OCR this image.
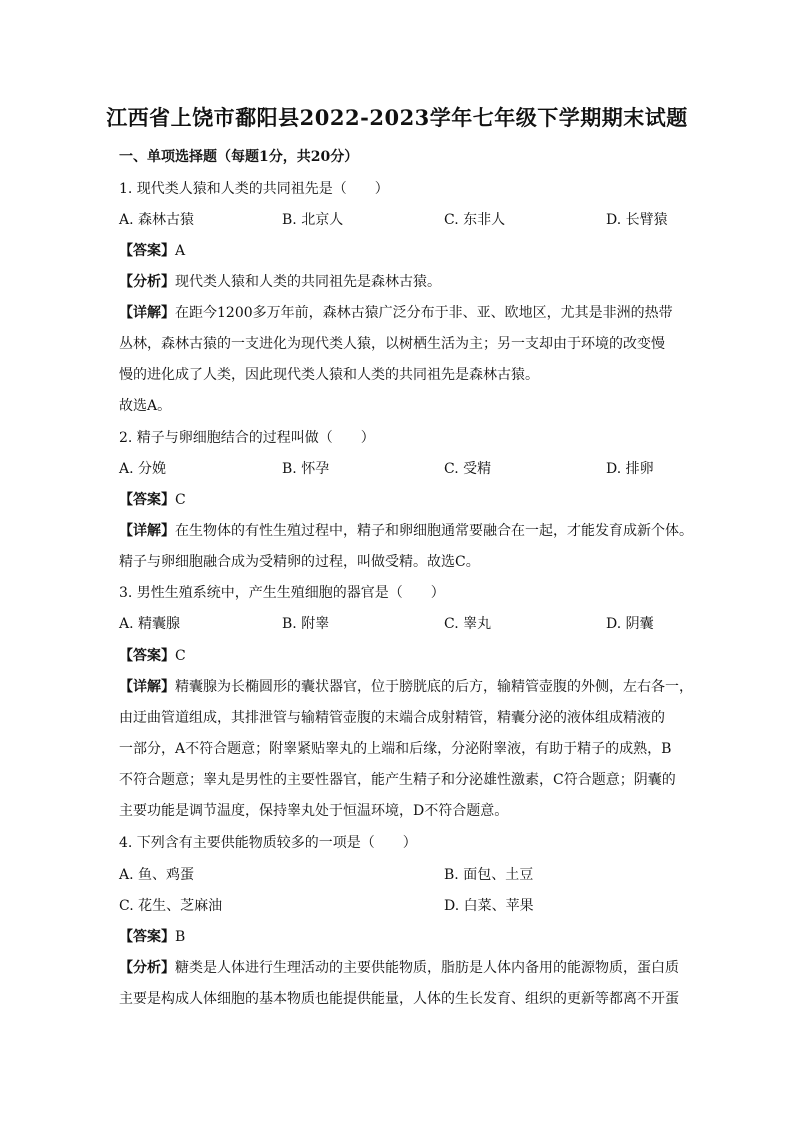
江西省上饶市鄱阳县2022-2023学年七年级下学期期末试题
一、单项选择题（每题1分，共20分）
1. 现代类人猿和人类的共同祖先是（　　）
A. 森林古猿	B. 北京人	C. 东非人	D. 长臂猿
【答案】A
【分析】现代类人猿和人类的共同祖先是森林古猿。
【详解】在距今1200多万年前，森林古猿广泛分布于非、亚、欧地区，尤其是非洲的热带
丛林，森林古猿的一支进化为现代类人猿，以树栖生活为主；另一支却由于环境的改变慢
慢的进化成了人类，因此现代类人猿和人类的共同祖先是森林古猿。
故选A。
2. 精子与卵细胞结合的过程叫做（　　）
A. 分娩	B. 怀孕	C. 受精	D. 排卵
【答案】C
【详解】在生物体的有性生殖过程中，精子和卵细胞通常要融合在一起，才能发育成新个体。
精子与卵细胞融合成为受精卵的过程，叫做受精。故选C。
3. 男性生殖系统中，产生生殖细胞的器官是（　　）
A. 精囊腺	B. 附睾	C. 睾丸	D. 阴囊
【答案】C
【详解】精囊腺为长椭圆形的囊状器官，位于膀胱底的后方，输精管壶腹的外侧，左右各一，
由迂曲管道组成，其排泄管与输精管壶腹的末端合成射精管，精囊分泌的液体组成精液的
一部分，A不符合题意；附睾紧贴睾丸的上端和后缘，分泌附睾液，有助于精子的成熟，B
不符合题意；睾丸是男性的主要性器官，能产生精子和分泌雄性激素，C符合题意；阴囊的
主要功能是调节温度，保持睾丸处于恒温环境，D不符合题意。
4. 下列含有主要供能物质较多的一项是（　　）
A. 鱼、鸡蛋	B. 面包、土豆
C. 花生、芝麻油	D. 白菜、苹果
【答案】B
【分析】糖类是人体进行生理活动的主要供能物质，脂肪是人体内备用的能源物质，蛋白质
主要是构成人体细胞的基本物质也能提供能量，人体的生长发育、组织的更新等都离不开蛋
